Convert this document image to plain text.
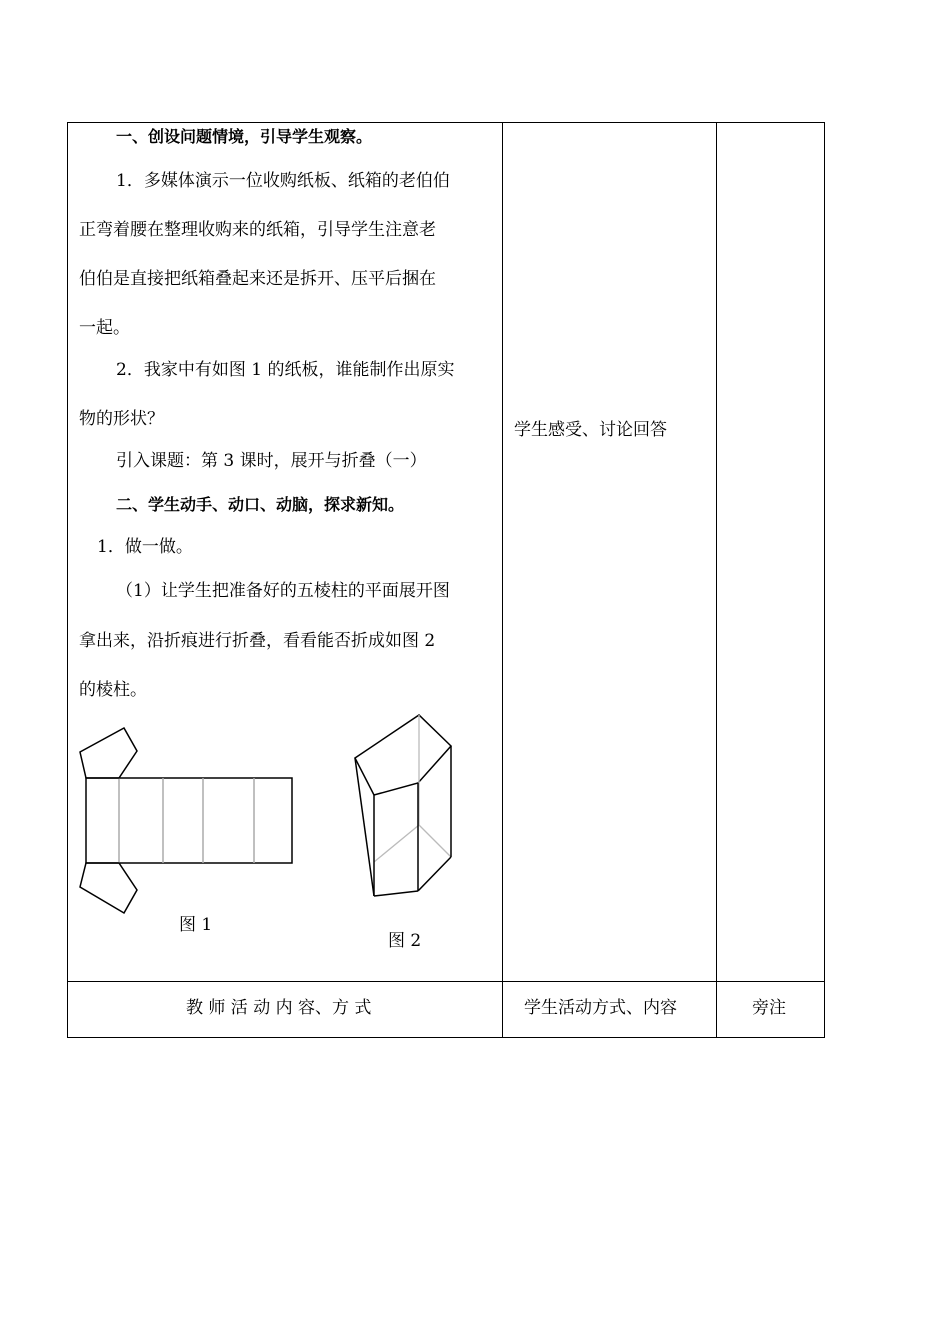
一、创设问题情境，引导学生观察。
1．多媒体演示一位收购纸板、纸箱的老伯伯
正弯着腰在整理收购来的纸箱，引导学生注意老
伯伯是直接把纸箱叠起来还是拆开、压平后捆在
一起。
2．我家中有如图 1 的纸板，谁能制作出原实
物的形状？
引入课题：第 3 课时，展开与折叠（一）
二、学生动手、动口、动脑，探求新知。
1．做一做。
（1）让学生把准备好的五棱柱的平面展开图
拿出来，沿折痕进行折叠，看看能否折成如图 2
的棱柱。
图 1
图 2
学生感受、讨论回答
教 师 活 动 内 容、方 式	学生活动方式、内容	旁注
